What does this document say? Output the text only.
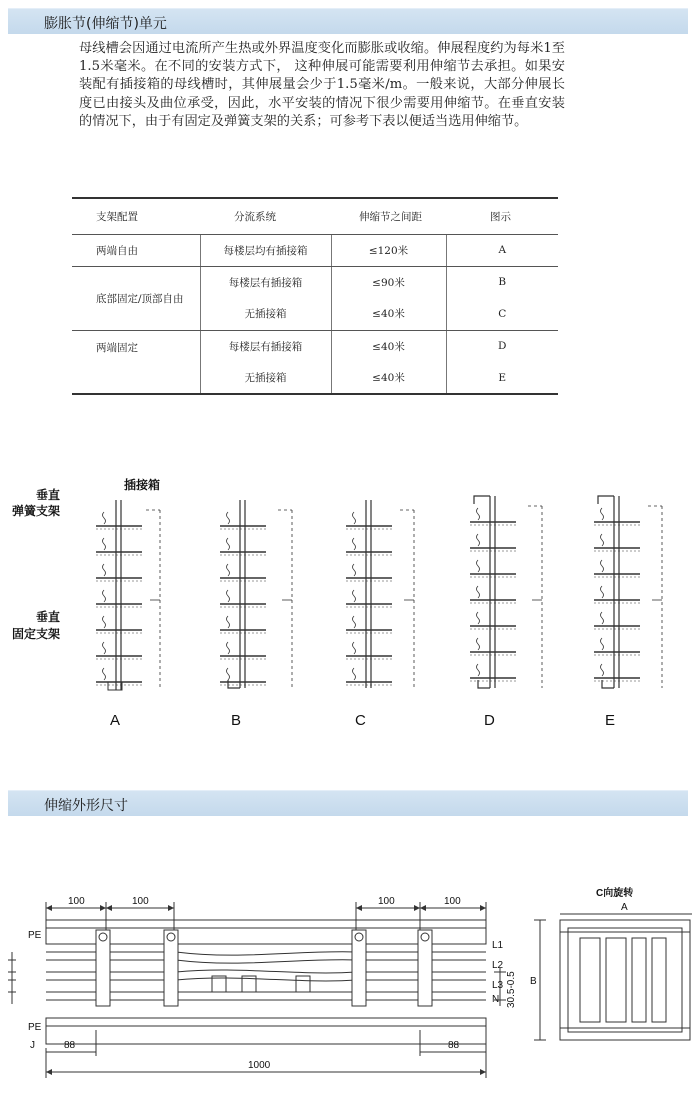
膨胀节(伸缩节)单元

母线槽会因通过电流所产生热或外界温度变化而膨胀或收缩。伸展程度约为每米1至1.5米毫米。在不同的安装方式下， 这种伸展可能需要利用伸缩节去承担。如果安装配有插接箱的母线槽时，其伸展量会少于1.5毫米/m。一般来说，大部分伸展长度已由接头及曲位承受，因此，水平安装的情况下很少需要用伸缩节。在垂直安装的情况下，由于有固定及弹簧支架的关系；可参考下表以便适当选用伸缩节。

支架配置	分流系统	伸缩节之间距	图示
两端自由	每楼层均有插接箱	≤120米	A
底部固定/顶部自由	每楼层有插接箱	≤90米	B
	无插接箱	≤40米	C
两端固定	每楼层有插接箱	≤40米	D
	无插接箱	≤40米	E
插接箱
垂直
弹簧支架
垂直
固定支架
A	B	C	D	E
伸缩外形尺寸
100	100	100	100
88	88
1000
J
PE
PE
L1
L2
L3
N 30.5-0.5 B
C向旋转
A
